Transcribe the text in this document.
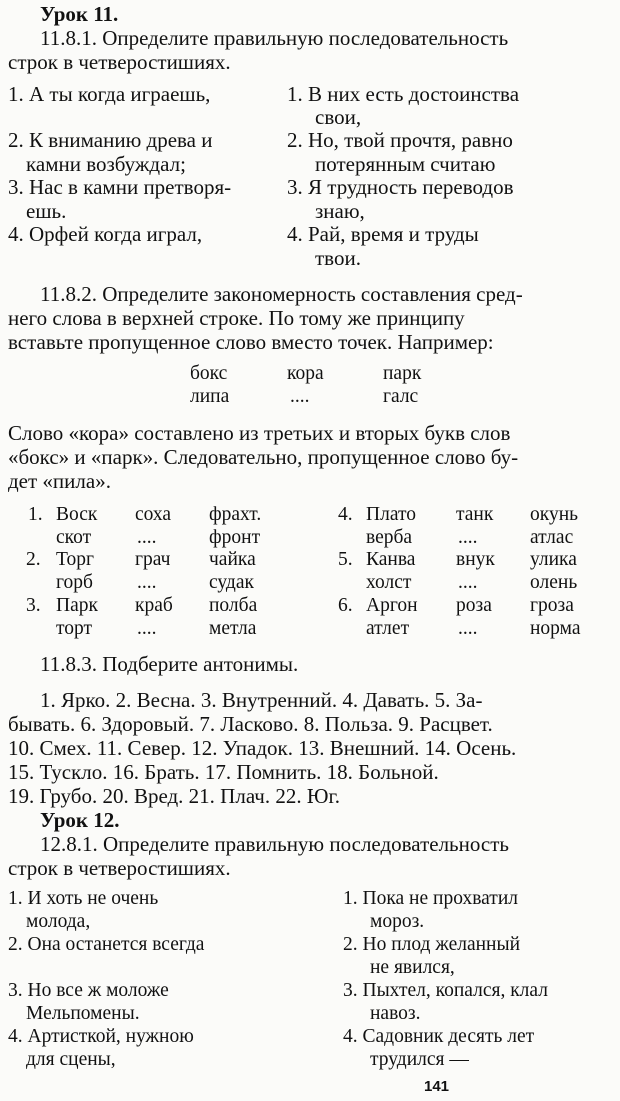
Урок 11.
11.8.1. Определите правильную последовательность
строк в четверостишиях.
1. А ты когда играешь,
2. К вниманию древа и
камни возбуждал;
3. Нас в камни претворя-
ешь.
4. Орфей когда играл,
1. В них есть достоинства
свои,
2. Но, твой прочтя, равно
потерянным считаю
3. Я трудность переводов
знаю,
4. Рай, время и труды
твои.
11.8.2. Определите закономерность составления сред-
него слова в верхней строке. По тому же принципу
вставьте пропущенное слово вместо точек. Например:
бокс	кора	парк
липа	....	галс
Слово «кора» составлено из третьих и вторых букв слов
«бокс» и «парк». Следовательно, пропущенное слово бу-
дет «пила».
1. Воск соха фрахт.
скот ....	фронт
2. Торг грач чайка
горб ....	судак
3. Парк краб полба
торт ....	метла
4. Плато танк окунь
верба ....	атлас
5. Канва внук улика
холст ....	олень
6. Аргон роза гроза
атлет	....	норма
11.8.3. Подберите антонимы.
1. Ярко. 2. Весна. 3. Внутренний. 4. Давать. 5. За-
бывать. 6. Здоровый. 7. Ласково. 8. Польза. 9. Расцвет.
10. Смех. 11. Север. 12. Упадок. 13. Внешний. 14. Осень.
15. Тускло. 16. Брать. 17. Помнить. 18. Больной.
19. Грубо. 20. Вред. 21. Плач. 22. Юг.
Урок 12.
12.8.1. Определите правильную последовательность
строк в четверостишиях.
1. И хоть не очень
молода,
2. Она останется всегда
3. Но все ж моложе
Мельпомены.
4. Артисткой, нужною
для сцены,
1. Пока не прохватил
мороз.
2. Но плод желанный
не явился,
3. Пыхтел, копался, клал
навоз.
4. Садовник десять лет
трудился —
141
